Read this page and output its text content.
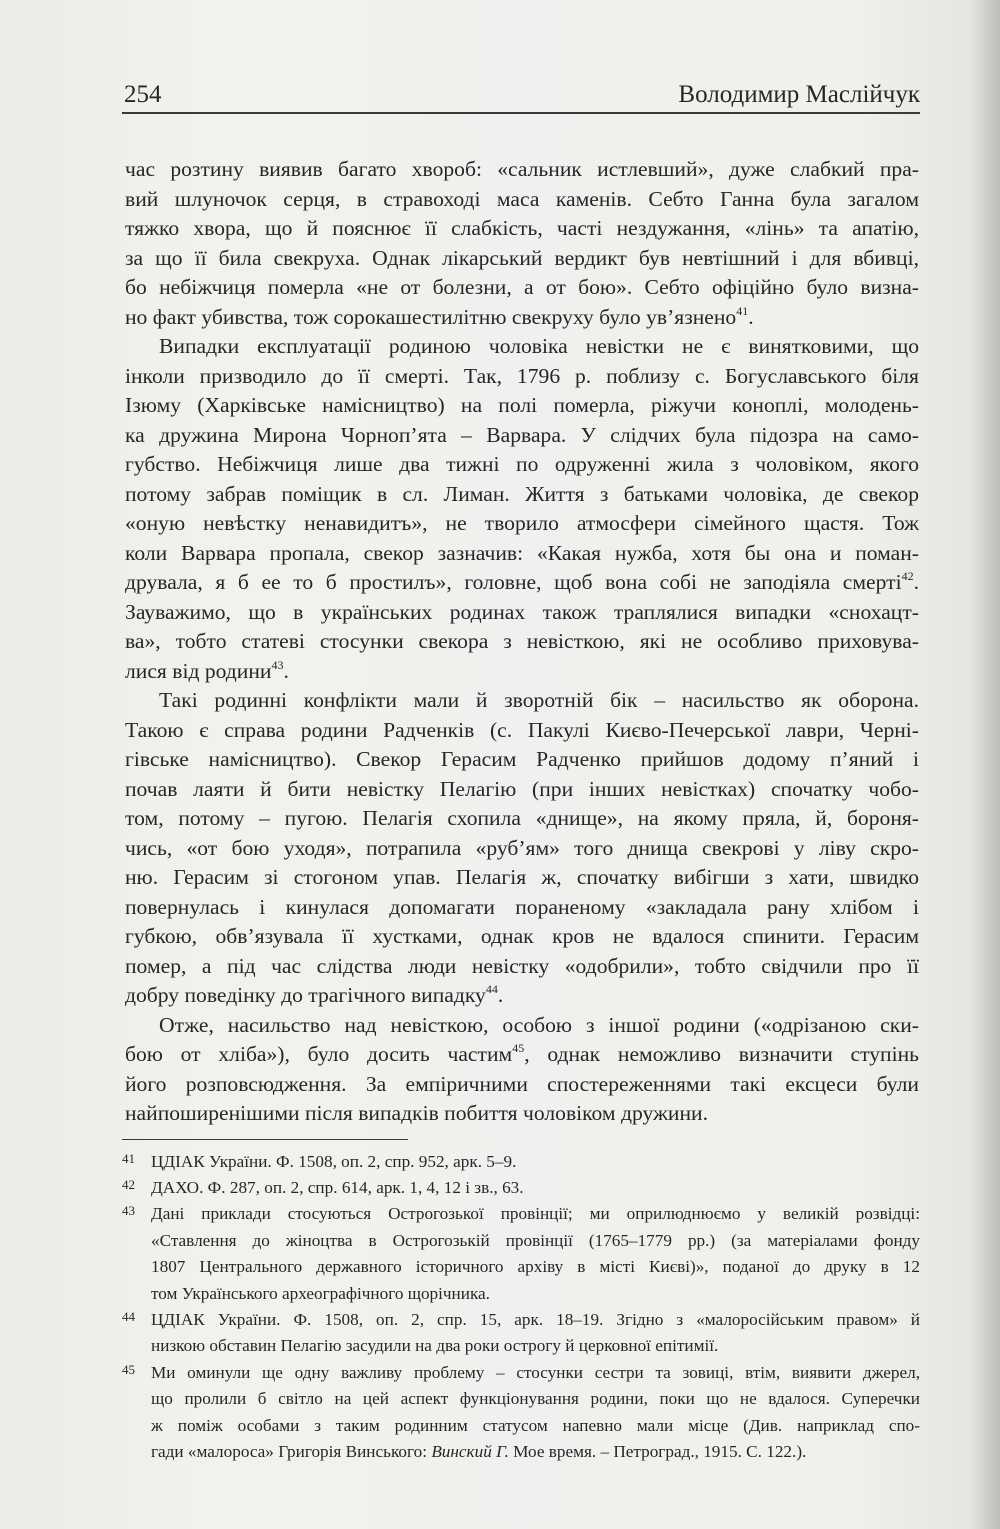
254	Володимир Маслійчук
час розтину виявив багато хвороб: «сальник истлевший», дуже слабкий пра-
вий шлуночок серця, в стравоході маса каменів. Себто Ганна була загалом
тяжко хвора, що й пояснює її слабкість, часті нездужання, «лінь» та апатію,
за що її била свекруха. Однак лікарський вердикт був невтішний і для вбивці,
бо небіжчиця померла «не от болезни, а от бою». Себто офіційно було визна-
но факт убивства, тож сорокашестилітню свекруху було ув’язнено$^{41}$.
Випадки експлуатації родиною чоловіка невістки не є винятковими, що
інколи призводило до її смерті. Так, 1796 р. поблизу с. Богуславського біля
Ізюму (Харківське намісництво) на полі померла, ріжучи коноплі, молодень-
ка дружина Мирона Чорноп’ята – Варвара. У слідчих була підозра на само-
губство. Небіжчиця лише два тижні по одруженні жила з чоловіком, якого
потому забрав поміщик в сл. Лиман. Життя з батьками чоловіка, де свекор
«оную невѣстку ненавидитъ», не творило атмосфери сімейного щастя. Тож
коли Варвара пропала, свекор зазначив: «Какая нужба, хотя бы она и поман-
друвала, я б ее то б простилъ», головне, щоб вона собі не заподіяла смерті$^{42}$.
Зауважимо, що в українських родинах також траплялися випадки «снохацт-
ва», тобто статеві стосунки свекора з невісткою, які не особливо приховува-
лися від родини$^{43}$.
Такі родинні конфлікти мали й зворотній бік – насильство як оборона.
Такою є справа родини Радченків (с. Пакулі Києво-Печерської лаври, Черні-
гівське намісництво). Свекор Герасим Радченко прийшов додому п’яний і
почав лаяти й бити невістку Пелагію (при інших невістках) спочатку чобо-
том, потому – пугою. Пелагія схопила «днище», на якому пряла, й, бороня-
чись, «от бою уходя», потрапила «руб’ям» того днища свекрові у ліву скро-
ню. Герасим зі стогоном упав. Пелагія ж, спочатку вибігши з хати, швидко
повернулась і кинулася допомагати пораненому «закладала рану хлібом і
губкою, обв’язувала її хустками, однак кров не вдалося спинити. Герасим
помер, а під час слідства люди невістку «одобрили», тобто свідчили про її
добру поведінку до трагічного випадку$^{44}$.
Отже, насильство над невісткою, особою з іншої родини («одрізаною ски-
бою от хліба»), було досить частим$^{45}$, однак неможливо визначити ступінь
його розповсюдження. За емпіричними спостереженнями такі ексцеси були
найпоширенішими після випадків побиття чоловіком дружини.
41 ЦДІАК України. Ф. 1508, оп. 2, спр. 952, арк. 5–9.
42 ДАХО. Ф. 287, оп. 2, спр. 614, арк. 1, 4, 12 і зв., 63.
43 Дані приклади стосуються Острогозької провінції; ми оприлюднюємо у великій розвідці:
«Ставлення до жіноцтва в Острогозькій провінції (1765–1779 рр.) (за матеріалами фонду
1807 Центрального державного історичного архіву в місті Києві)», поданої до друку в 12
том Українського археографічного щорічника.
44 ЦДІАК України. Ф. 1508, оп. 2, спр. 15, арк. 18–19. Згідно з «малоросійським правом» й
низкою обставин Пелагію засудили на два роки острогу й церковної епітимії.
45 Ми оминули ще одну важливу проблему – стосунки сестри та зовиці, втім, виявити джерел,
що пролили б світло на цей аспект функціонування родини, поки що не вдалося. Суперечки
ж поміж особами з таким родинним статусом напевно мали місце (Див. наприклад спо-
гади «малороса» Григорія Винського: Винский Г. Мое время. – Петроград., 1915. С. 122.).
